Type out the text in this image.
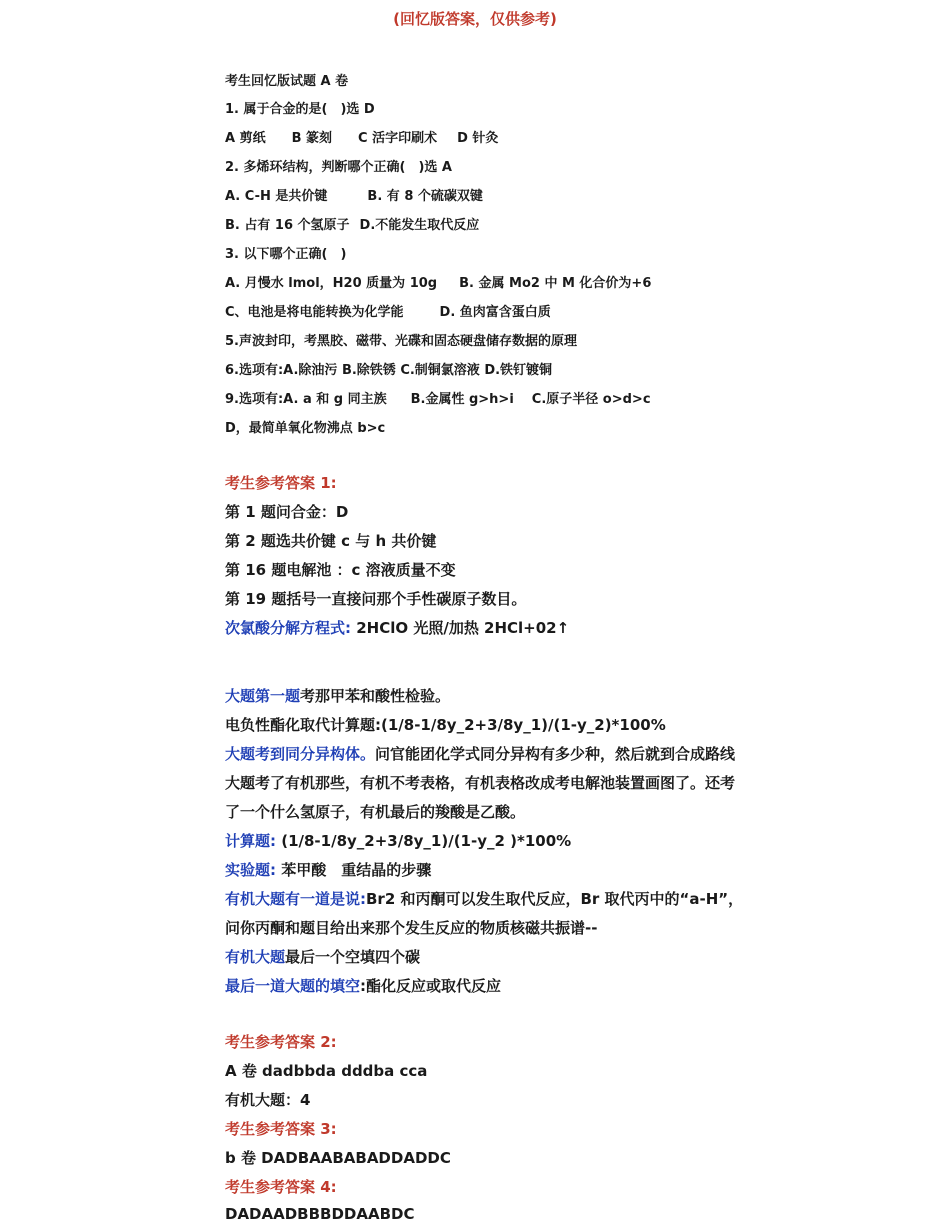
(回忆版答案，仅供参考)
考生回忆版试题 A 卷
1. 属于合金的是(　)选 D
A 剪纸 B 篆刻 C 活字印刷术 D 针灸
2. 多烯环结构，判断哪个正确(　)选 A
A. C-H 是共价键	B. 有 8 个硫碳双键
B. 占有 16 个氢原子 D.不能发生取代反应
3. 以下哪个正确(　)
A. 月慢水 lmol，H20 质量为 10g B. 金属 Mo2 中 M 化合价为+6
C、电池是将电能转换为化学能	D. 鱼肉富含蛋白质
5.声波封印，考黑胶、磁带、光碟和固态硬盘储存数据的原理
6.选项有:A.除油污 B.除铁锈 C.制铜氯溶液 D.铁钉镀铜
9.选项有:A. a 和 g 同主族 B.金属性 g>h>i C.原子半径 o>d>c
D，最简单氧化物沸点 b>c
考生参考答案 1:
第 1 题问合金：D
第 2 题选共价键 c 与 h 共价键
第 16 题电解池 ：c 溶液质量不变
第 19 题括号一直接问那个手性碳原子数目。
次氯酸分解方程式: 2HClO 光照/加热 2HCl+02↑
大题第一题考那甲苯和酸性检验。
电负性酯化取代计算题:(1/8-1/8y_2+3/8y_1)/(1-y_2)*100%
大题考到同分异构体。问官能团化学式同分异构有多少种，然后就到合成路线
大题考了有机那些，有机不考表格，有机表格改成考电解池装置画图了。还考
了一个什么氢原子，有机最后的羧酸是乙酸。
计算题: (1/8-1/8y_2+3/8y_1)/(1-y_2 )*100%
实验题: 苯甲酸　重结晶的步骤
有机大题有一道是说:Br2 和丙酮可以发生取代反应，Br 取代丙中的“a-H”，
问你丙酮和题目给出来那个发生反应的物质核磁共振谱--
有机大题最后一个空填四个碳
最后一道大题的填空:酯化反应或取代反应
考生参考答案 2:
A 卷 dadbbda dddba cca
有机大题：4
考生参考答案 3:
b 卷 DADBAABABADDADDC
考生参考答案 4:
DADAADBBBDDAABDC
